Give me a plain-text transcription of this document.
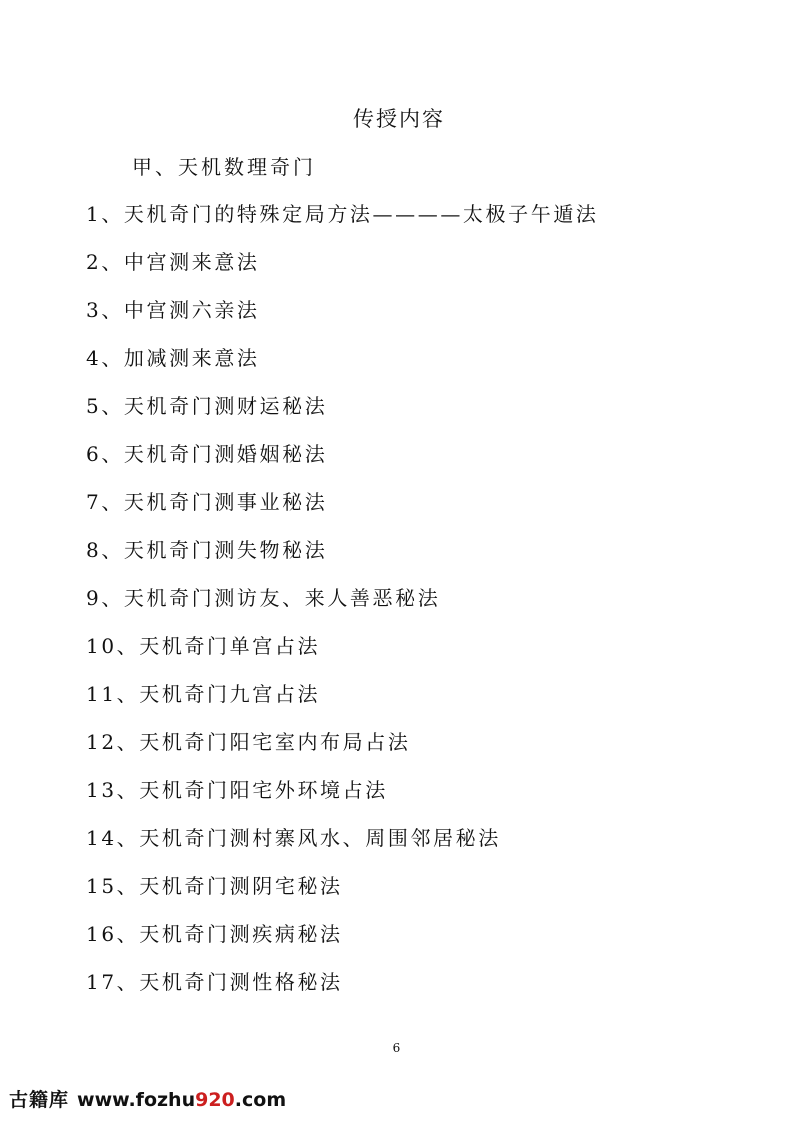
传授内容
甲、天机数理奇门
1、天机奇门的特殊定局方法————太极子午遁法
2、中宫测来意法
3、中宫测六亲法
4、加减测来意法
5、天机奇门测财运秘法
6、天机奇门测婚姻秘法
7、天机奇门测事业秘法
8、天机奇门测失物秘法
9、天机奇门测访友、来人善恶秘法
10、天机奇门单宫占法
11、天机奇门九宫占法
12、天机奇门阳宅室内布局占法
13、天机奇门阳宅外环境占法
14、天机奇门测村寨风水、周围邻居秘法
15、天机奇门测阴宅秘法
16、天机奇门测疾病秘法
17、天机奇门测性格秘法
6
古籍库 www.fozhu920.com
